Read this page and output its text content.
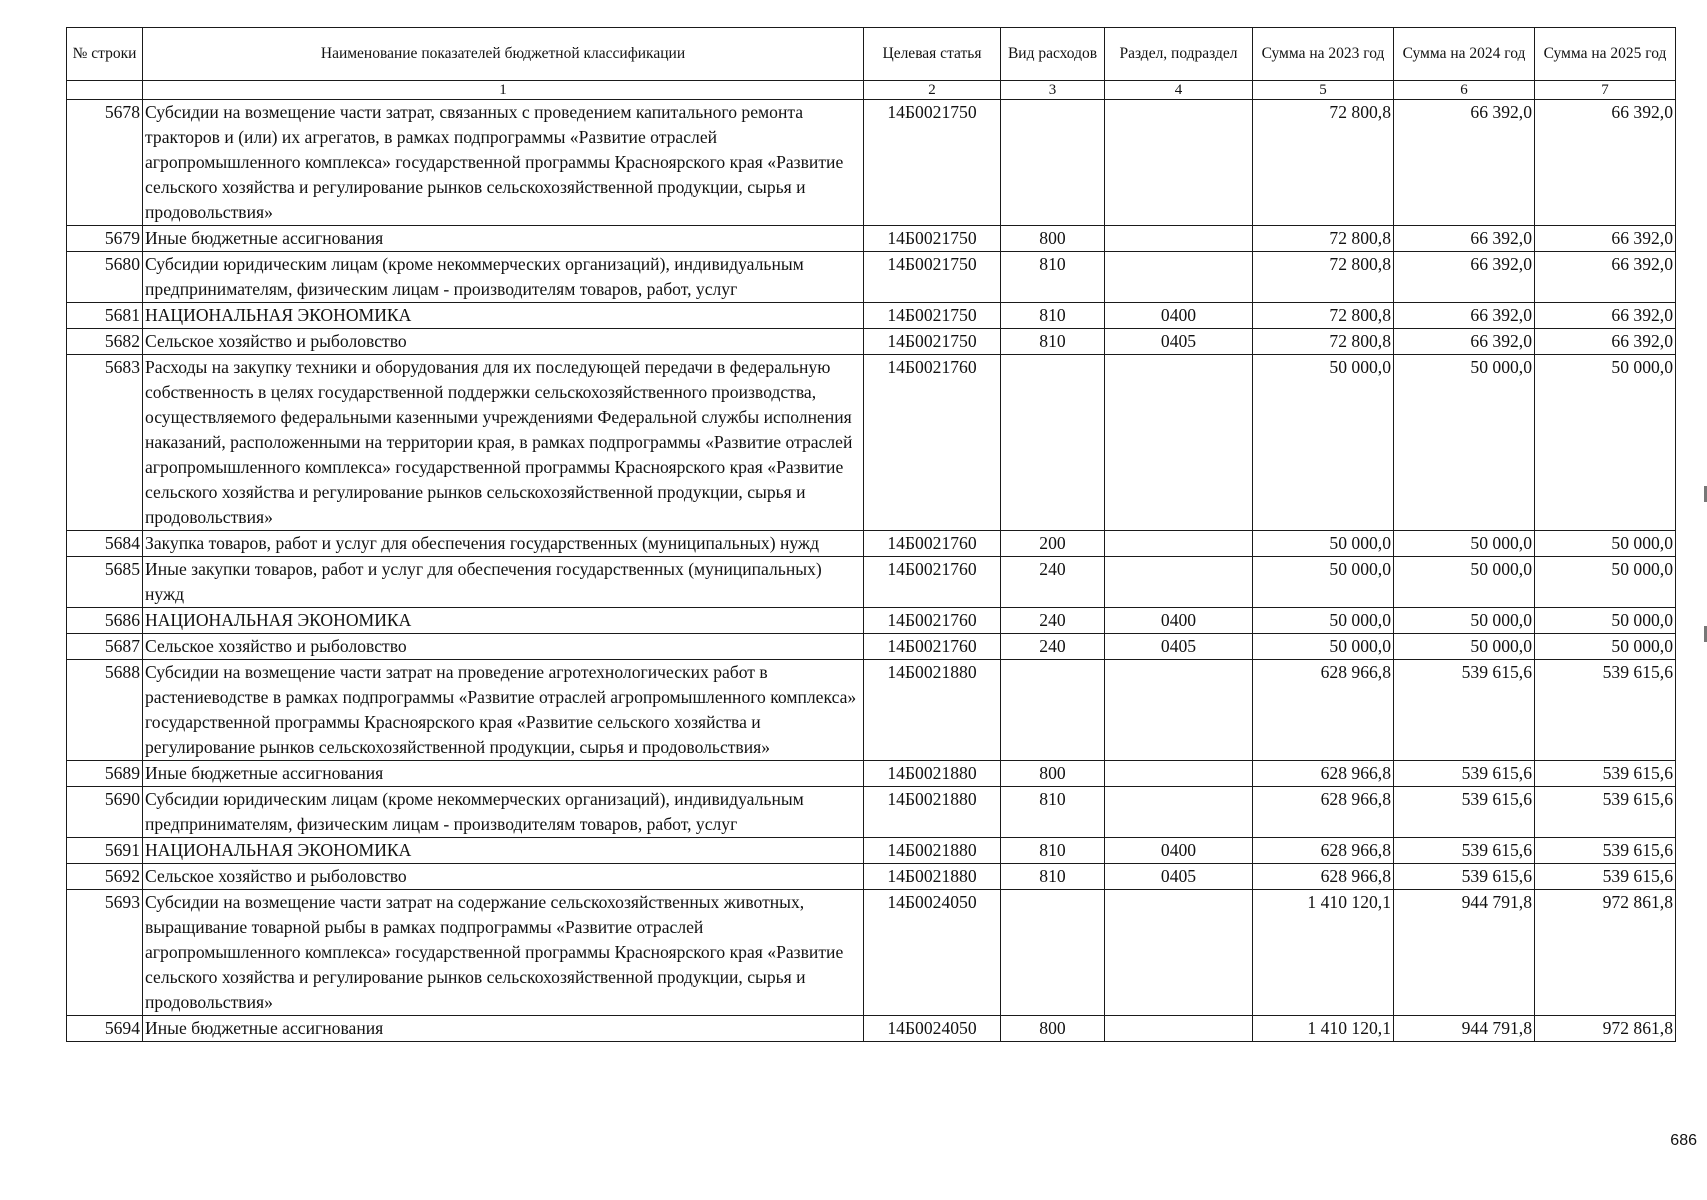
№ строки	Наименование показателей бюджетной классификации	Целевая статья	Вид расходов	Раздел, подраздел	Сумма на 2023 год	Сумма на 2024 год	Сумма на 2025 год
	1	2	3	4	5	6	7
5678	Субсидии на возмещение части затрат, связанных с проведением капитального ремонта тракторов и (или) их агрегатов, в рамках подпрограммы «Развитие отраслей агропромышленного комплекса» государственной программы Красноярского края «Развитие сельского хозяйства и регулирование рынков сельскохозяйственной продукции, сырья и продовольствия»	14Б0021750			72 800,8	66 392,0	66 392,0
5679	Иные бюджетные ассигнования	14Б0021750	800		72 800,8	66 392,0	66 392,0
5680	Субсидии юридическим лицам (кроме некоммерческих организаций), индивидуальным предпринимателям, физическим лицам - производителям товаров, работ, услуг	14Б0021750	810		72 800,8	66 392,0	66 392,0
5681	НАЦИОНАЛЬНАЯ ЭКОНОМИКА	14Б0021750	810	0400	72 800,8	66 392,0	66 392,0
5682	Сельское хозяйство и рыболовство	14Б0021750	810	0405	72 800,8	66 392,0	66 392,0
5683	Расходы на закупку техники и оборудования для их последующей передачи в федеральную собственность в целях государственной поддержки сельскохозяйственного производства, осуществляемого федеральными казенными учреждениями Федеральной службы исполнения наказаний, расположенными на территории края, в рамках подпрограммы «Развитие отраслей агропромышленного комплекса» государственной программы Красноярского края «Развитие сельского хозяйства и регулирование рынков сельскохозяйственной продукции, сырья и продовольствия»	14Б0021760			50 000,0	50 000,0	50 000,0
5684	Закупка товаров, работ и услуг для обеспечения государственных (муниципальных) нужд	14Б0021760	200		50 000,0	50 000,0	50 000,0
5685	Иные закупки товаров, работ и услуг для обеспечения государственных (муниципальных) нужд	14Б0021760	240		50 000,0	50 000,0	50 000,0
5686	НАЦИОНАЛЬНАЯ ЭКОНОМИКА	14Б0021760	240	0400	50 000,0	50 000,0	50 000,0
5687	Сельское хозяйство и рыболовство	14Б0021760	240	0405	50 000,0	50 000,0	50 000,0
5688	Субсидии на возмещение части затрат на проведение агротехнологических работ в растениеводстве в рамках подпрограммы «Развитие отраслей агропромышленного комплекса» государственной программы Красноярского края «Развитие сельского хозяйства и регулирование рынков сельскохозяйственной продукции, сырья и продовольствия»	14Б0021880			628 966,8	539 615,6	539 615,6
5689	Иные бюджетные ассигнования	14Б0021880	800		628 966,8	539 615,6	539 615,6
5690	Субсидии юридическим лицам (кроме некоммерческих организаций), индивидуальным предпринимателям, физическим лицам - производителям товаров, работ, услуг	14Б0021880	810		628 966,8	539 615,6	539 615,6
5691	НАЦИОНАЛЬНАЯ ЭКОНОМИКА	14Б0021880	810	0400	628 966,8	539 615,6	539 615,6
5692	Сельское хозяйство и рыболовство	14Б0021880	810	0405	628 966,8	539 615,6	539 615,6
5693	Субсидии на возмещение части затрат на содержание сельскохозяйственных животных, выращивание товарной рыбы в рамках подпрограммы «Развитие отраслей агропромышленного комплекса» государственной программы Красноярского края «Развитие сельского хозяйства и регулирование рынков сельскохозяйственной продукции, сырья и продовольствия»	14Б0024050			1 410 120,1	944 791,8	972 861,8
5694	Иные бюджетные ассигнования	14Б0024050	800		1 410 120,1	944 791,8	972 861,8
686
